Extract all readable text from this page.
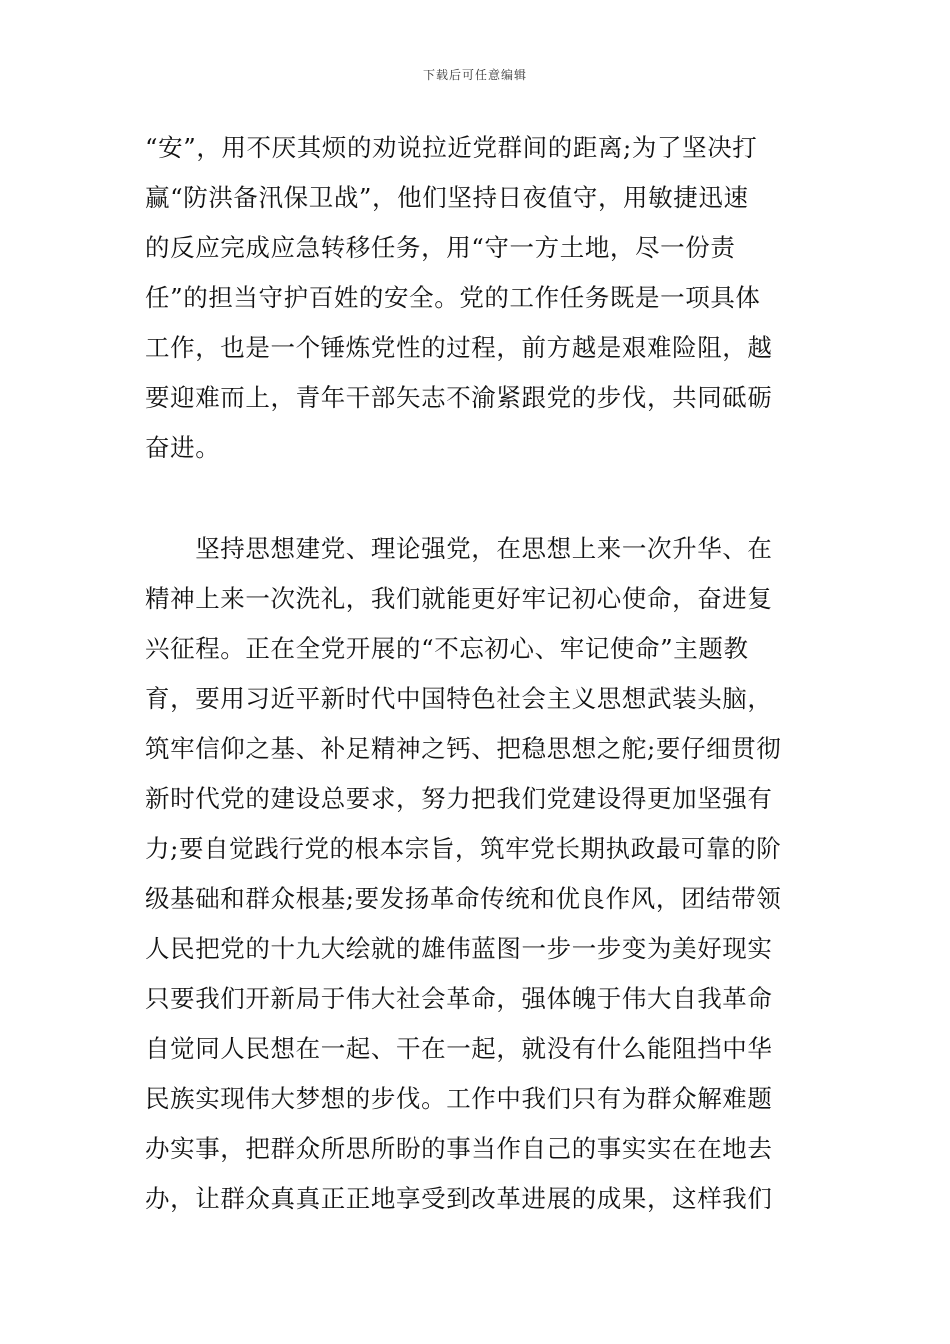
下载后可任意编辑
“安”，用不厌其烦的劝说拉近党群间的距离;为了坚决打
赢“防洪备汛保卫战”，他们坚持日夜值守，用敏捷迅速
的反应完成应急转移任务，用“守一方土地，尽一份责
任”的担当守护百姓的安全。党的工作任务既是一项具体
工作，也是一个锤炼党性的过程，前方越是艰难险阻，越
要迎难而上，青年干部矢志不渝紧跟党的步伐，共同砥砺
奋进。
　　坚持思想建党、理论强党，在思想上来一次升华、在
精神上来一次洗礼，我们就能更好牢记初心使命，奋进复
兴征程。正在全党开展的“不忘初心、牢记使命”主题教
育，要用习近平新时代中国特色社会主义思想武装头脑，
筑牢信仰之基、补足精神之钙、把稳思想之舵;要仔细贯彻
新时代党的建设总要求，努力把我们党建设得更加坚强有
力;要自觉践行党的根本宗旨，筑牢党长期执政最可靠的阶
级基础和群众根基;要发扬革命传统和优良作风，团结带领
人民把党的十九大绘就的雄伟蓝图一步一步变为美好现实
只要我们开新局于伟大社会革命，强体魄于伟大自我革命
自觉同人民想在一起、干在一起，就没有什么能阻挡中华
民族实现伟大梦想的步伐。工作中我们只有为群众解难题
办实事，把群众所思所盼的事当作自己的事实实在在地去
办，让群众真真正正地享受到改革进展的成果，这样我们
